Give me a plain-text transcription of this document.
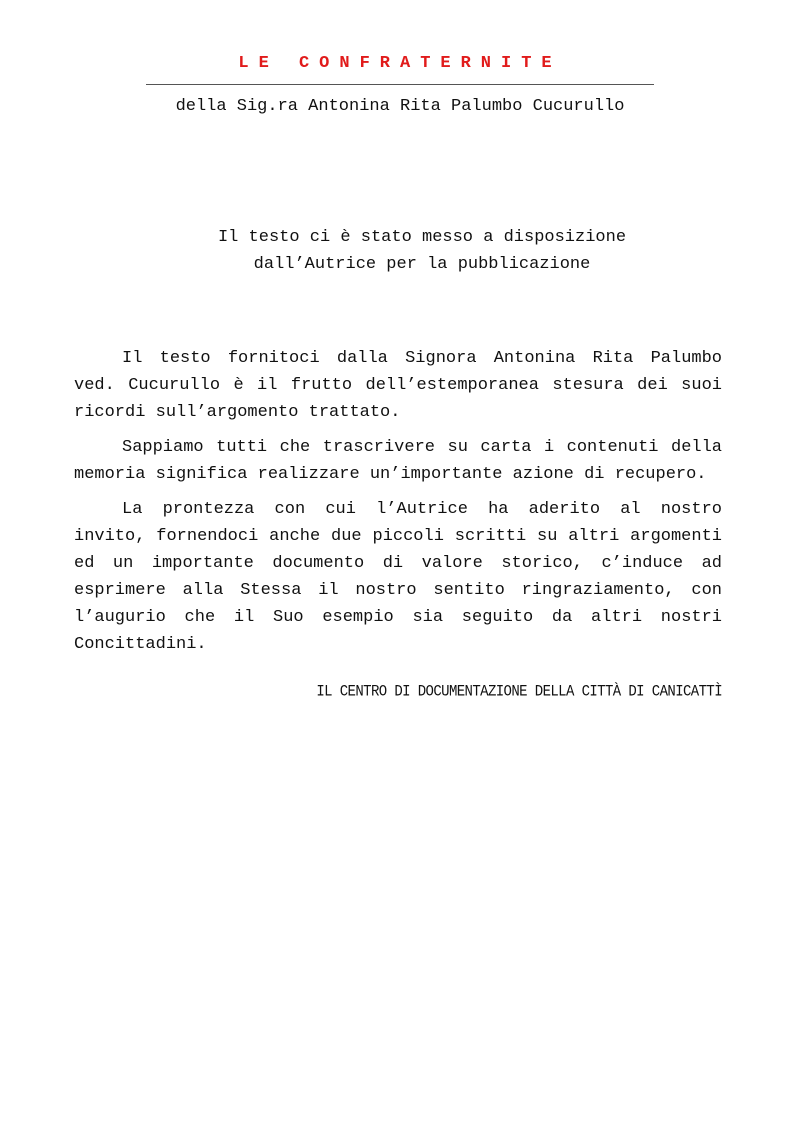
LE CONFRATERNITE
della Sig.ra Antonina Rita Palumbo Cucurullo
Il testo ci è stato messo a disposizione
dall’Autrice per la pubblicazione

Il testo fornitoci dalla Signora Antonina Rita Palumbo ved. Cucurullo è il frutto dell’estemporanea stesura dei suoi ricordi sull’argomento trattato.

Sappiamo tutti che trascrivere su carta i contenuti della memoria significa realizzare un’importante azione di recupero.

La prontezza con cui l’Autrice ha aderito al nostro invito, fornendoci anche due piccoli scritti su altri argomenti ed un importante documento di valore storico, c’induce ad esprimere alla Stessa il nostro sentito ringraziamento, con l’augurio che il Suo esempio sia seguito da altri nostri Concittadini.

IL CENTRO DI DOCUMENTAZIONE DELLA CITTÀ DI CANICATTÌ
